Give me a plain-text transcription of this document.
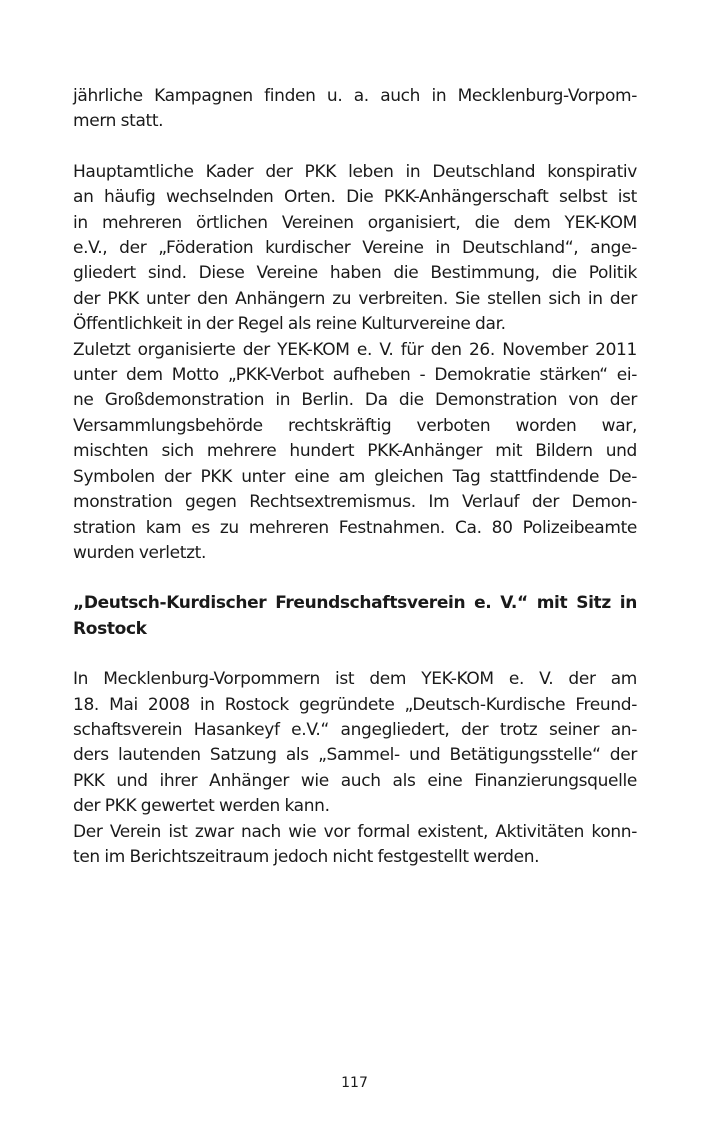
jährliche Kampagnen finden u. a. auch in Mecklenburg-Vorpom-
mern statt.
Hauptamtliche Kader der PKK leben in Deutschland konspirativ
an häufig wechselnden Orten. Die PKK-Anhängerschaft selbst ist
in mehreren örtlichen Vereinen organisiert, die dem YEK-KOM
e.V., der „Föderation kurdischer Vereine in Deutschland“, ange-
gliedert sind. Diese Vereine haben die Bestimmung, die Politik
der PKK unter den Anhängern zu verbreiten. Sie stellen sich in der
Öffentlichkeit in der Regel als reine Kulturvereine dar.
Zuletzt organisierte der YEK-KOM e. V. für den 26. November 2011
unter dem Motto „PKK-Verbot aufheben - Demokratie stärken“ ei-
ne Großdemonstration in Berlin. Da die Demonstration von der
Versammlungsbehörde rechtskräftig verboten worden war,
mischten sich mehrere hundert PKK-Anhänger mit Bildern und
Symbolen der PKK unter eine am gleichen Tag stattfindende De-
monstration gegen Rechtsextremismus. Im Verlauf der Demon-
stration kam es zu mehreren Festnahmen. Ca. 80 Polizeibeamte
wurden verletzt.
„Deutsch-Kurdischer Freundschaftsverein e. V.“ mit Sitz in
Rostock
In Mecklenburg-Vorpommern ist dem YEK-KOM e. V. der am
18. Mai 2008 in Rostock gegründete „Deutsch-Kurdische Freund-
schaftsverein Hasankeyf e.V.“ angegliedert, der trotz seiner an-
ders lautenden Satzung als „Sammel- und Betätigungsstelle“ der
PKK und ihrer Anhänger wie auch als eine Finanzierungsquelle
der PKK gewertet werden kann.
Der Verein ist zwar nach wie vor formal existent, Aktivitäten konn-
ten im Berichtszeitraum jedoch nicht festgestellt werden.
117
